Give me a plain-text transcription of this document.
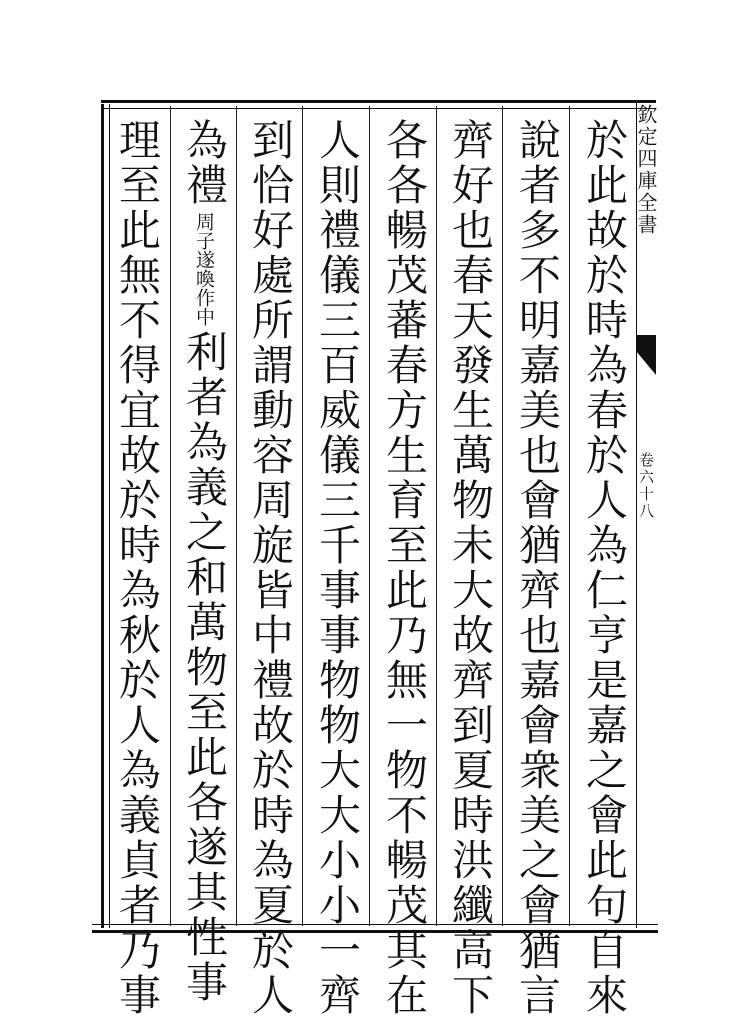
欽定四庫全書
卷六十八
於此故於時為春於人為仁亨是嘉之會此句自來
說者多不明嘉美也會猶齊也嘉會衆美之會猶言
齊好也春天發生萬物未大故齊到夏時洪纖高下
各各暢茂蕃春方生育至此乃無一物不暢茂其在
人則禮儀三百威儀三千事事物物大大小小一齊
到恰好處所謂動容周旋皆中禮故於時為夏於人
為禮周子遂喚作中利者為義之和萬物至此各遂其性事
理至此無不得宜故於時為秋於人為義貞者乃事
